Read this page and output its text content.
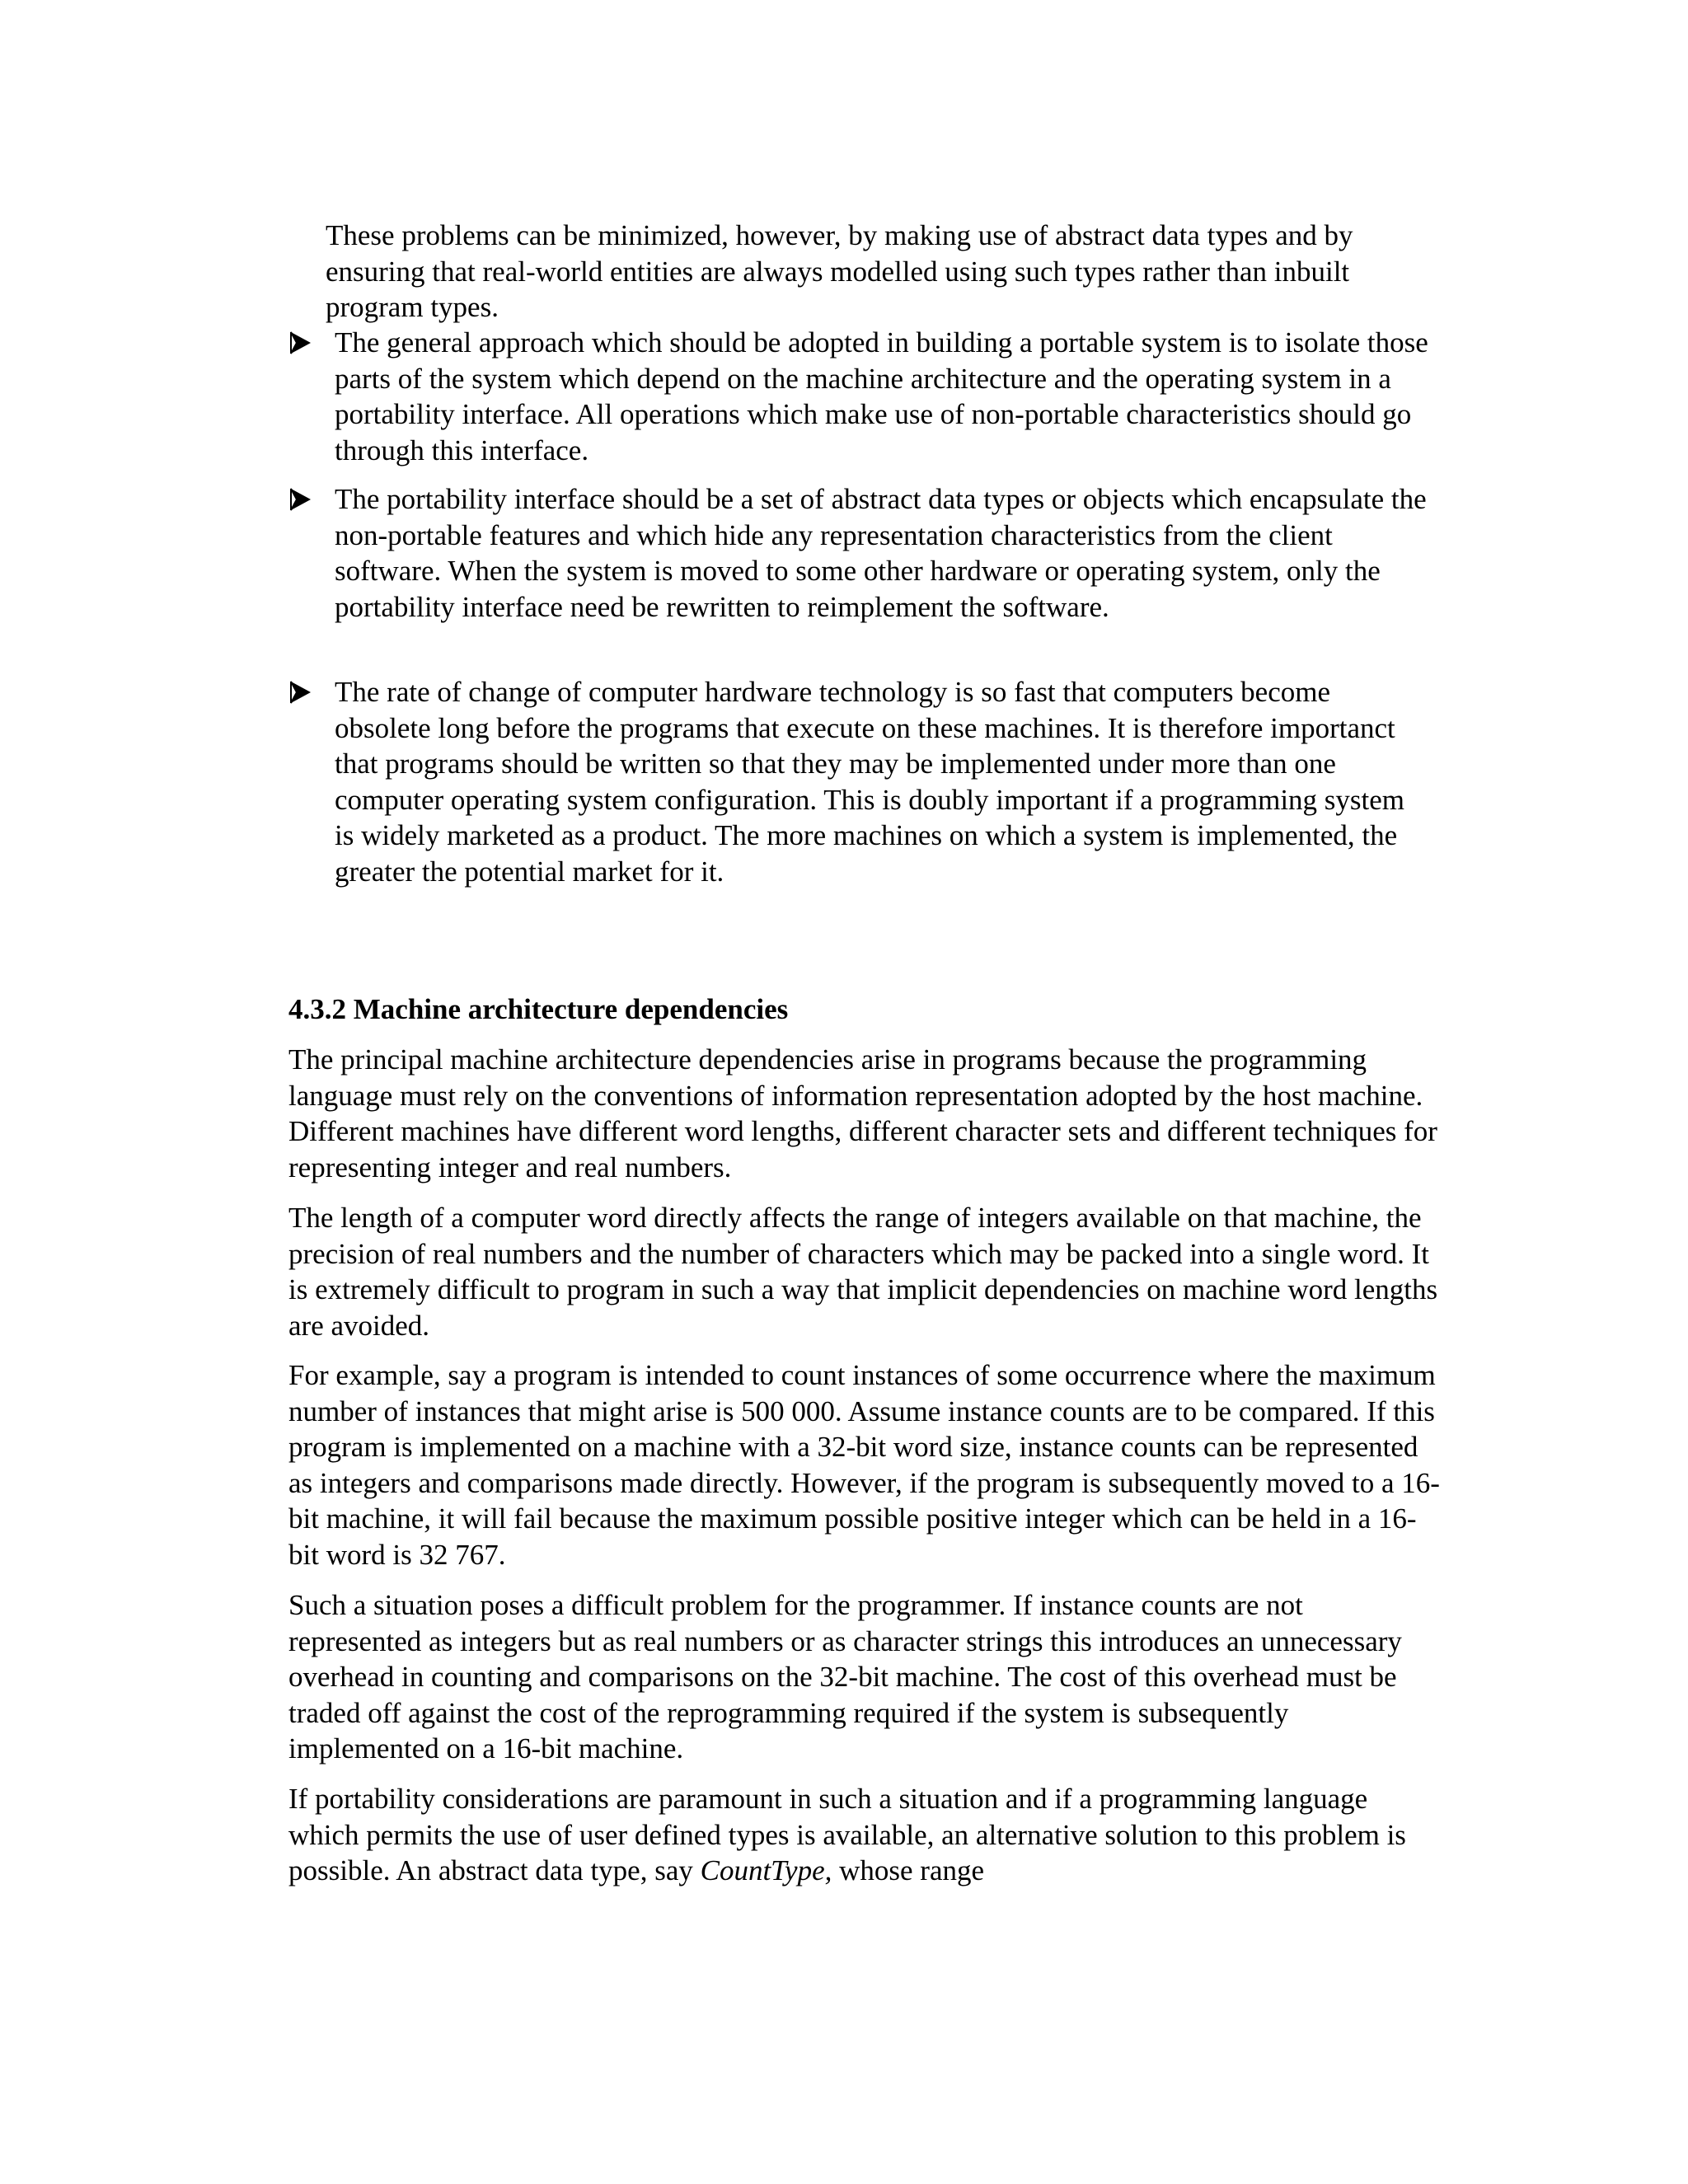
These problems can be minimized, however, by making use of abstract data types and by ensuring that real-world entities are always modelled using such types rather than inbuilt program types.
The general approach which should be adopted in building a portable system is to isolate those parts of the system which depend on the machine architecture and the operating system in a portability interface. All operations which make use of non-portable characteristics should go through this interface.
The portability interface should be a set of abstract data types or objects which encapsulate the non-portable features and which hide any representation characteristics from the client software. When the system is moved to some other hardware or operating system, only the portability interface need be rewritten to reimplement the software.
The rate of change of computer hardware technology is so fast that computers become obsolete long before the programs that execute on these machines. It is therefore importanct that programs should be written so that they may be implemented under more than one computer operating system configuration. This is doubly important if a programming system is widely marketed as a product. The more machines on which a system is implemented, the greater the potential market for it.
4.3.2 Machine architecture dependencies

The principal machine architecture dependencies arise in programs because the programming language must rely on the conventions of information representation adopted by the host machine. Different machines have different word lengths, different character sets and different techniques for representing integer and real numbers.

The length of a computer word directly affects the range of integers available on that machine, the precision of real numbers and the number of characters which may be packed into a single word. It is extremely difficult to program in such a way that implicit dependencies on machine word lengths are avoided.

For example, say a program is intended to count instances of some occurrence where the maximum number of instances that might arise is 500 000. Assume instance counts are to be compared. If this program is implemented on a machine with a 32-bit word size, instance counts can be represented as integers and comparisons made directly. However, if the program is subsequently moved to a 16-bit machine, it will fail because the maximum possible positive integer which can be held in a 16-bit word is 32 767.

Such a situation poses a difficult problem for the programmer. If instance counts are not represented as integers but as real numbers or as character strings this introduces an unnecessary overhead in counting and comparisons on the 32-bit machine. The cost of this overhead must be traded off against the cost of the reprogramming required if the system is subsequently implemented on a 16-bit machine.

If portability considerations are paramount in such a situation and if a programming language which permits the use of user defined types is available, an alternative solution to this problem is possible. An abstract data type, say CountType, whose range
